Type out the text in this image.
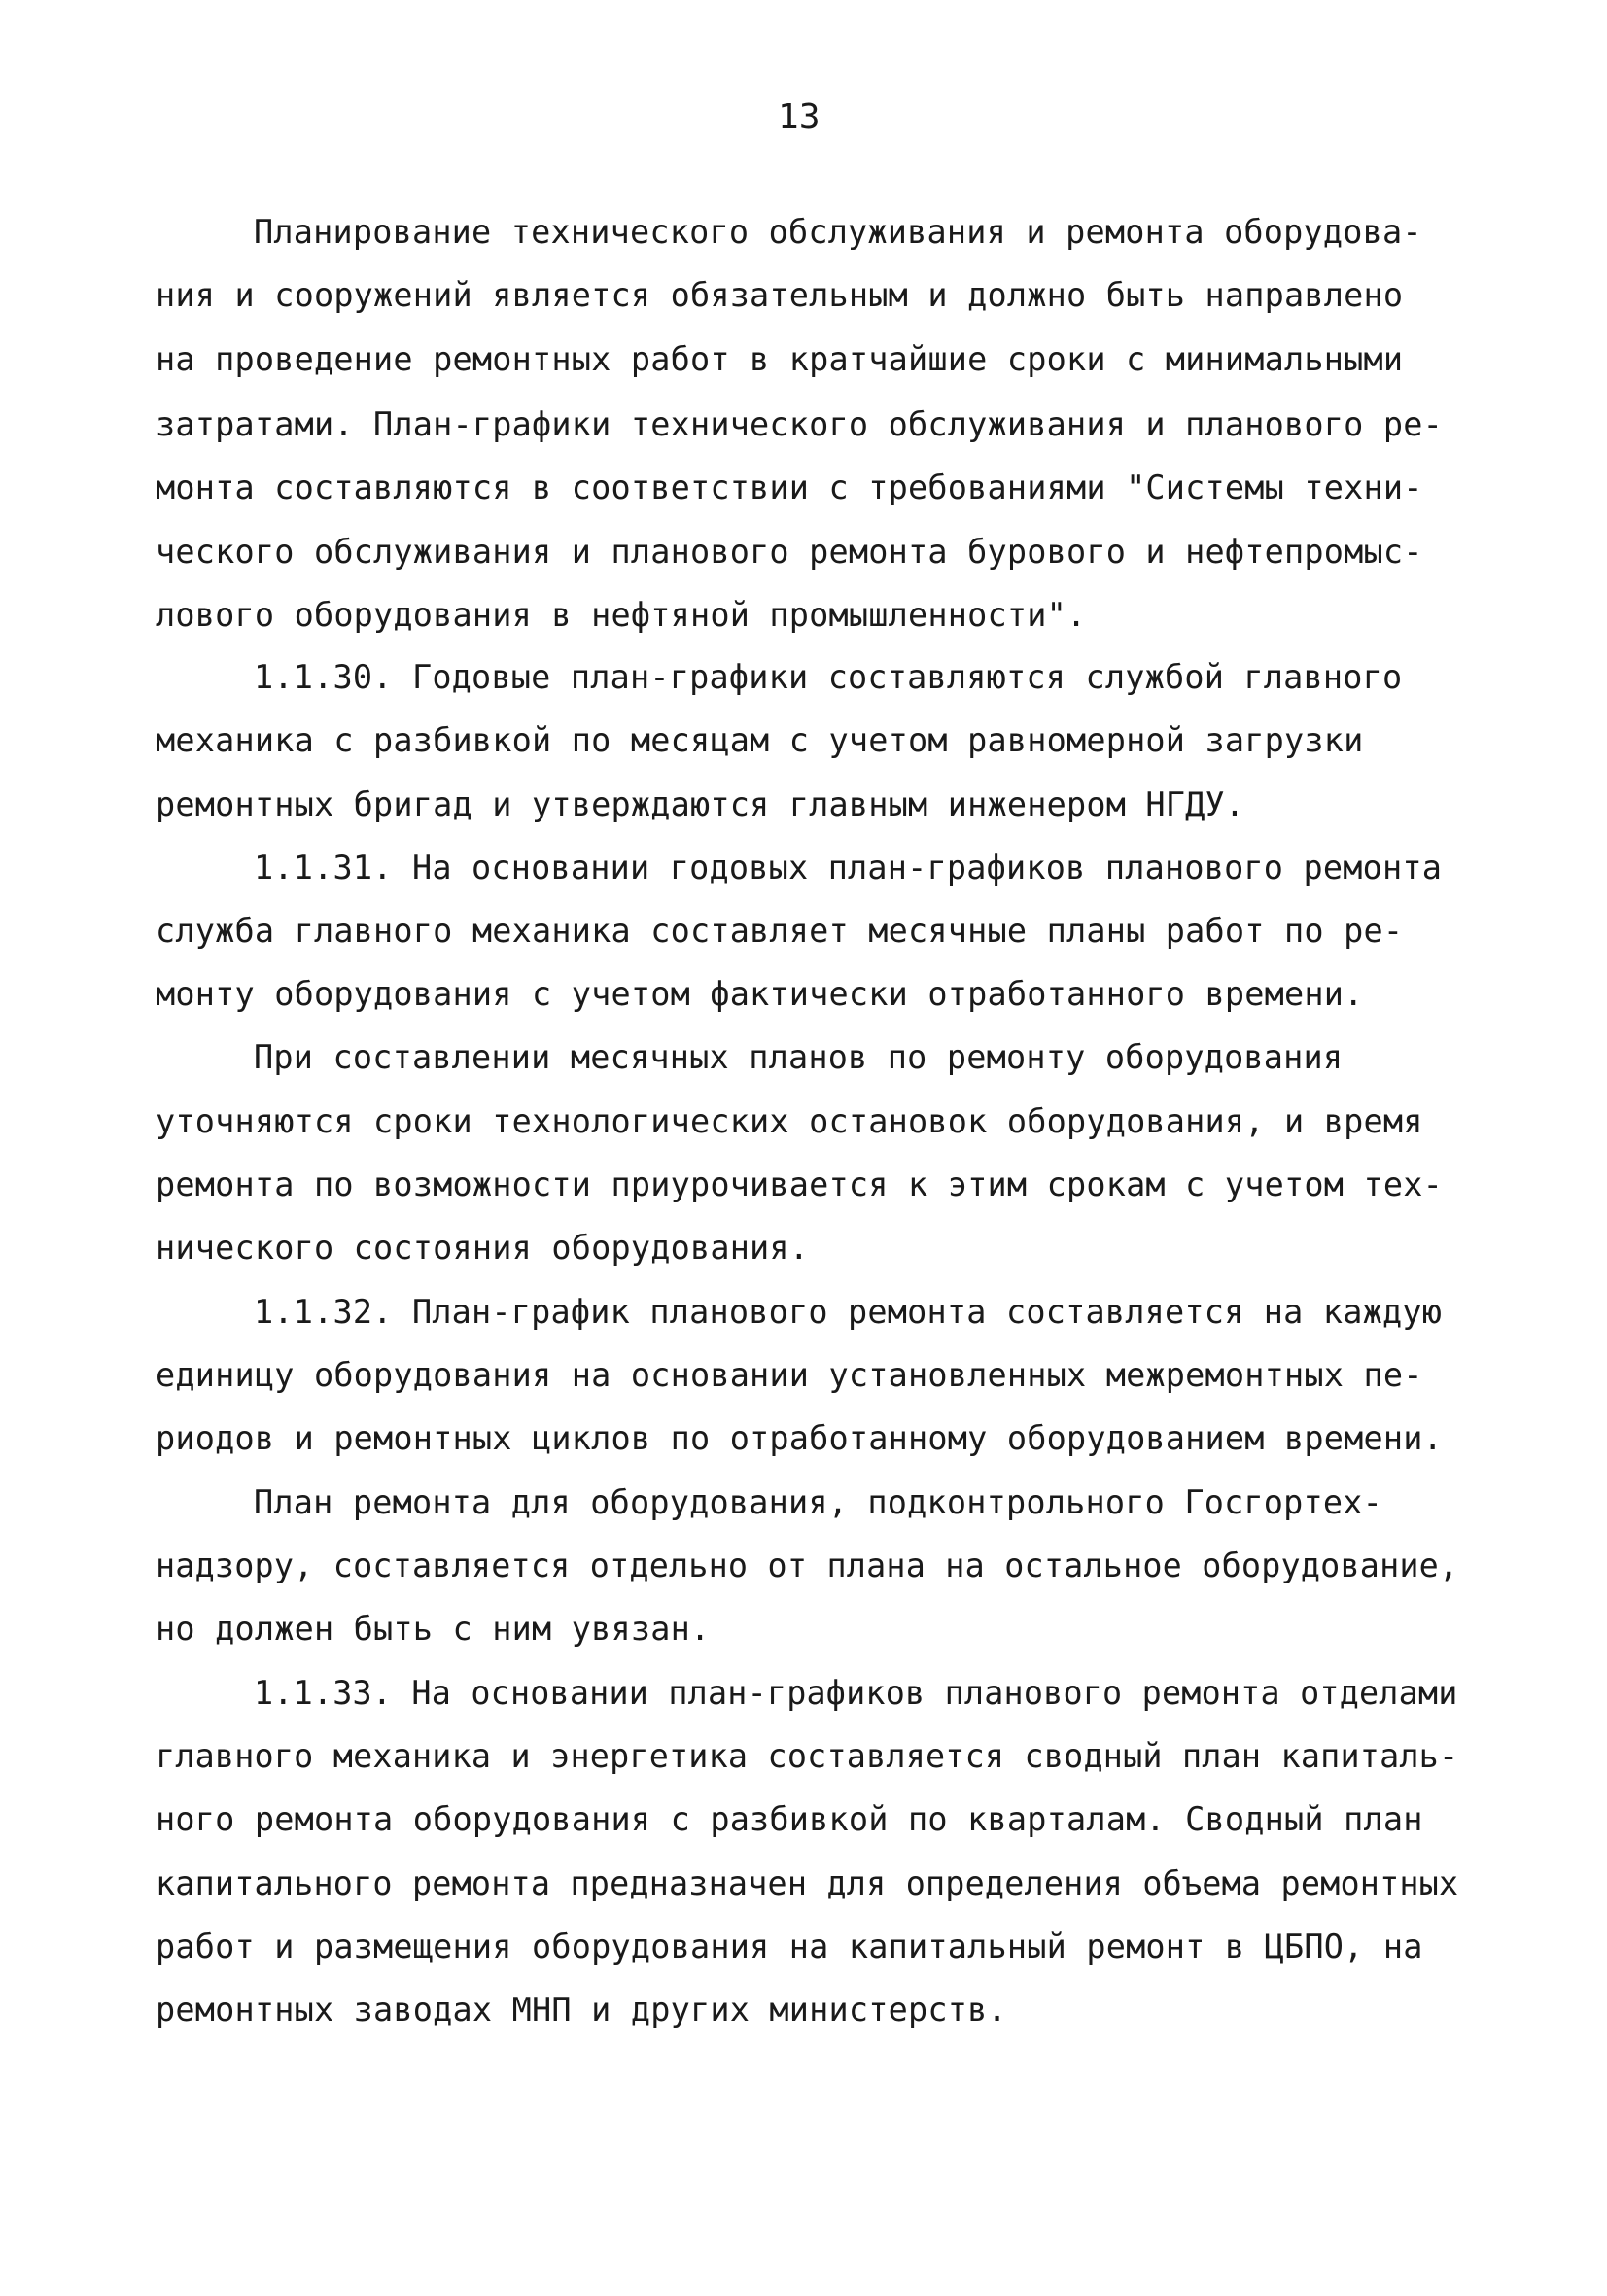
13
Планирование технического обслуживания и ремонта оборудова-
ния и сооружений является обязательным и должно быть направлено
на проведение ремонтных работ в кратчайшие сроки с минимальными
затратами. План-графики технического обслуживания и планового ре-
монта составляются в соответствии с требованиями "Системы техни-
ческого обслуживания и планового ремонта бурового и нефтепромыс-
лового оборудования в нефтяной промышленности".
1.1.30. Годовые план-графики составляются службой главного
механика с разбивкой по месяцам с учетом равномерной загрузки
ремонтных бригад и утверждаются главным инженером НГДУ.
1.1.31. На основании годовых план-графиков планового ремонта
служба главного механика составляет месячные планы работ по ре-
монту оборудования с учетом фактически отработанного времени.
При составлении месячных планов по ремонту оборудования
уточняются сроки технологических остановок оборудования, и время
ремонта по возможности приурочивается к этим срокам с учетом тех-
нического состояния оборудования.
1.1.32. План-график планового ремонта составляется на каждую
единицу оборудования на основании установленных межремонтных пе-
риодов и ремонтных циклов по отработанному оборудованием времени.
План ремонта для оборудования, подконтрольного Госгортех-
надзору, составляется отдельно от плана на остальное оборудование,
но должен быть с ним увязан.
1.1.33. На основании план-графиков планового ремонта отделами
главного механика и энергетика составляется сводный план капиталь-
ного ремонта оборудования с разбивкой по кварталам. Сводный план
капитального ремонта предназначен для определения объема ремонтных
работ и размещения оборудования на капитальный ремонт в ЦБПО, на
ремонтных заводах МНП и других министерств.
